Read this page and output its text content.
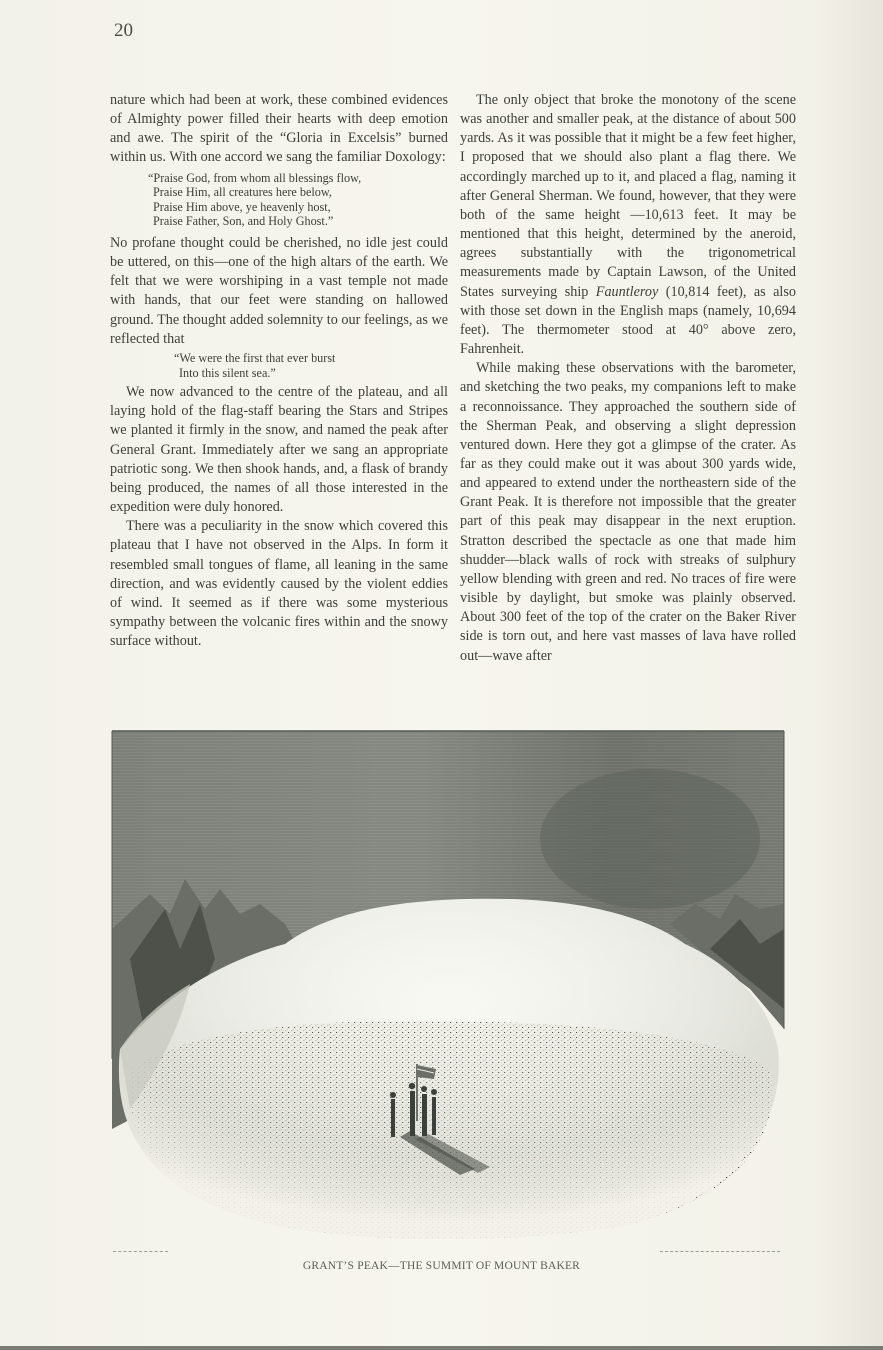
20

nature which had been at work, these combined evidences of Almighty power filled their hearts with deep emotion and awe. The spirit of the “Gloria in Excelsis” burned within us. With one accord we sang the familiar Doxology:

“Praise God, from whom all blessings flow,
Praise Him, all creatures here below,
Praise Him above, ye heavenly host,
Praise Father, Son, and Holy Ghost.”

No profane thought could be cherished, no idle jest could be uttered, on this—one of the high altars of the earth. We felt that we were worshiping in a vast temple not made with hands, that our feet were standing on hallowed ground. The thought added solemnity to our feelings, as we reflected that

“We were the first that ever burst
Into this silent sea.”

We now advanced to the centre of the plateau, and all laying hold of the flag-staff bearing the Stars and Stripes we planted it firmly in the snow, and named the peak after General Grant. Immediately after we sang an appropriate patriotic song. We then shook hands, and, a flask of brandy being produced, the names of all those interested in the expedition were duly honored.

There was a peculiarity in the snow which covered this plateau that I have not observed in the Alps. In form it resembled small tongues of flame, all leaning in the same direction, and was evidently caused by the violent eddies of wind. It seemed as if there was some mysterious sympathy between the volcanic fires within and the snowy surface without.

The only object that broke the monotony of the scene was another and smaller peak, at the distance of about 500 yards. As it was possible that it might be a few feet higher, I proposed that we should also plant a flag there. We accordingly marched up to it, and placed a flag, naming it after General Sherman. We found, however, that they were both of the same height —10,613 feet. It may be mentioned that this height, determined by the aneroid, agrees substantially with the trigonometrical measurements made by Captain Lawson, of the United States surveying ship Fauntleroy (10,814 feet), as also with those set down in the English maps (namely, 10,694 feet). The thermometer stood at 40° above zero, Fahrenheit.

While making these observations with the barometer, and sketching the two peaks, my companions left to make a reconnoissance. They approached the southern side of the Sherman Peak, and observing a slight depression ventured down. Here they got a glimpse of the crater. As far as they could make out it was about 300 yards wide, and appeared to extend under the northeastern side of the Grant Peak. It is therefore not impossible that the greater part of this peak may disappear in the next eruption. Stratton described the spectacle as one that made him shudder—black walls of rock with streaks of sulphury yellow blending with green and red. No traces of fire were visible by daylight, but smoke was plainly observed. About 300 feet of the top of the crater on the Baker River side is torn out, and here vast masses of lava have rolled out—wave after

GRANT’S PEAK—THE SUMMIT OF MOUNT BAKER
